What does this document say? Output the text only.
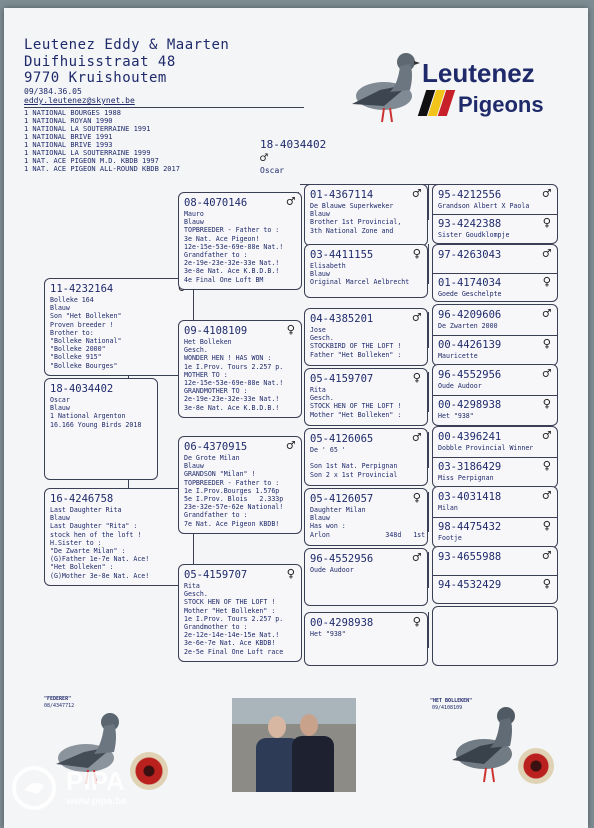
Leutenez Eddy & Maarten
Duifhuisstraat 48
9770 Kruishoutem
09/384.36.05
eddy.leutenez@skynet.be
1 NATIONAL BOURGES 1988
1 NATIONAL ROYAN 1990
1 NATIONAL LA SOUTERRAINE 1991
1 NATIONAL BRIVE 1991
1 NATIONAL BRIVE 1993
1 NATIONAL LA SOUTERRAINE 1999
1 NAT. ACE PIGEON M.D. KBDB 1997
1 NAT. ACE PIGEON ALL-ROUND KBDB 2017
Leutenez
Pigeons
18-4034402
♂
Oscar
18-4034402
Oscar
Blauw
1 National Argenton
16.166 Young Birds 2018
11-4232164
Bolleke 164
Blauw
Son "Het Bolleken"
Proven breeder !
Brother to:
"Bolleke National"
"Bolleke 2000"
"Bolleke 915"
"Bolleke Bourges"
16-4246758
Last Daughter Rita
Blauw
Last Daughter "Rita" :
stock hen of the loft !
H.Sister to :
"De Zwarte Milan" :
(G)Father 1e-7e Nat. Ace!
"Het Bolleken" :
(G)Mother 3e-8e Nat. Ace!
08-4070146	♂
Mauro
Blauw
TOPBREEDER - Father to :
3e Nat. Ace Pigeon!
12e-15e-53e-69e-88e Nat.!
Grandfather to :
2e-19e-23e-32e-33e Nat.!
3e-8e Nat. Ace K.B.D.B.!
4e Final One Loft BM
09-4108109	♀
Het Bolleken
Gesch.
WONDER HEN ! HAS WON :
1e I.Prov. Tours 2.257 p.
MOTHER TO :
12e-15e-53e-69e-88e Nat.!
GRANDMOTHER TO :
2e-19e-23e-32e-33e Nat.!
3e-8e Nat. Ace K.B.D.B.!
06-4370915	♂
De Grote Milan
Blauw
GRANDSON "Milan" !
TOPBREEDER - Father to :
1e I.Prov.Bourges 1.576p
5e I.Prov. Blois   2.333p
23e-32e-57e-62e National!
Grandfather to :
7e Nat. Ace Pigeon KBDB!
05-4159707	♀
Rita
Gesch.
STOCK HEN OF THE LOFT !
Mother "Het Bolleken" :
1e I.Prov. Tours 2.257 p.
Grandmother to :
2e-12e-14e-14e-15e Nat.!
3e-6e-7e Nat. Ace KBDB!
2e-5e Final One Loft race
01-4367114	♂
De Blauwe Superkweker
Blauw
Brother 1st Provincial,
3th National Zone and
03-4411155	♀
Elisabeth
Blauw
Original Marcel Aelbrecht
04-4385201	♂
Jose
Gesch.
STOCKBIRD OF THE LOFT !
Father "Het Bolleken" :
05-4159707	♀
Rita
Gesch.
STOCK HEN OF THE LOFT !
Mother "Het Bolleken" :
05-4126065	♂
De ' 65 '

Son 1st Nat. Perpignan
Son 2 x 1st Provincial
05-4126057	♀
Daughter Milan
Blauw
Has won :
Arlon              348d   1st
96-4552956	♂
Oude Audoor
00-4298938	♀
Het "938"
95-4212556	♂
Grandson Albert X Paola
93-4242388	♀
Sister Goudklompje
97-4263043	♂
01-4174034	♀
Goede Geschelpte
96-4209606	♂
De Zwarten 2000
00-4426139	♀
Mauricette
96-4552956	♂
Oude Audoor
00-4298938	♀
Het "938"
00-4396241	♂
Dobble Provincial Winner
03-3186429	♀
Miss Perpignan
03-4031418	♂
Milan
98-4475432	♀
Footje
93-4655988	♂
94-4532429	♀
"FEDERER"
08/4347712
"HET BOLLEKEN"
09/4108109
PIPA
www.pipa.be
